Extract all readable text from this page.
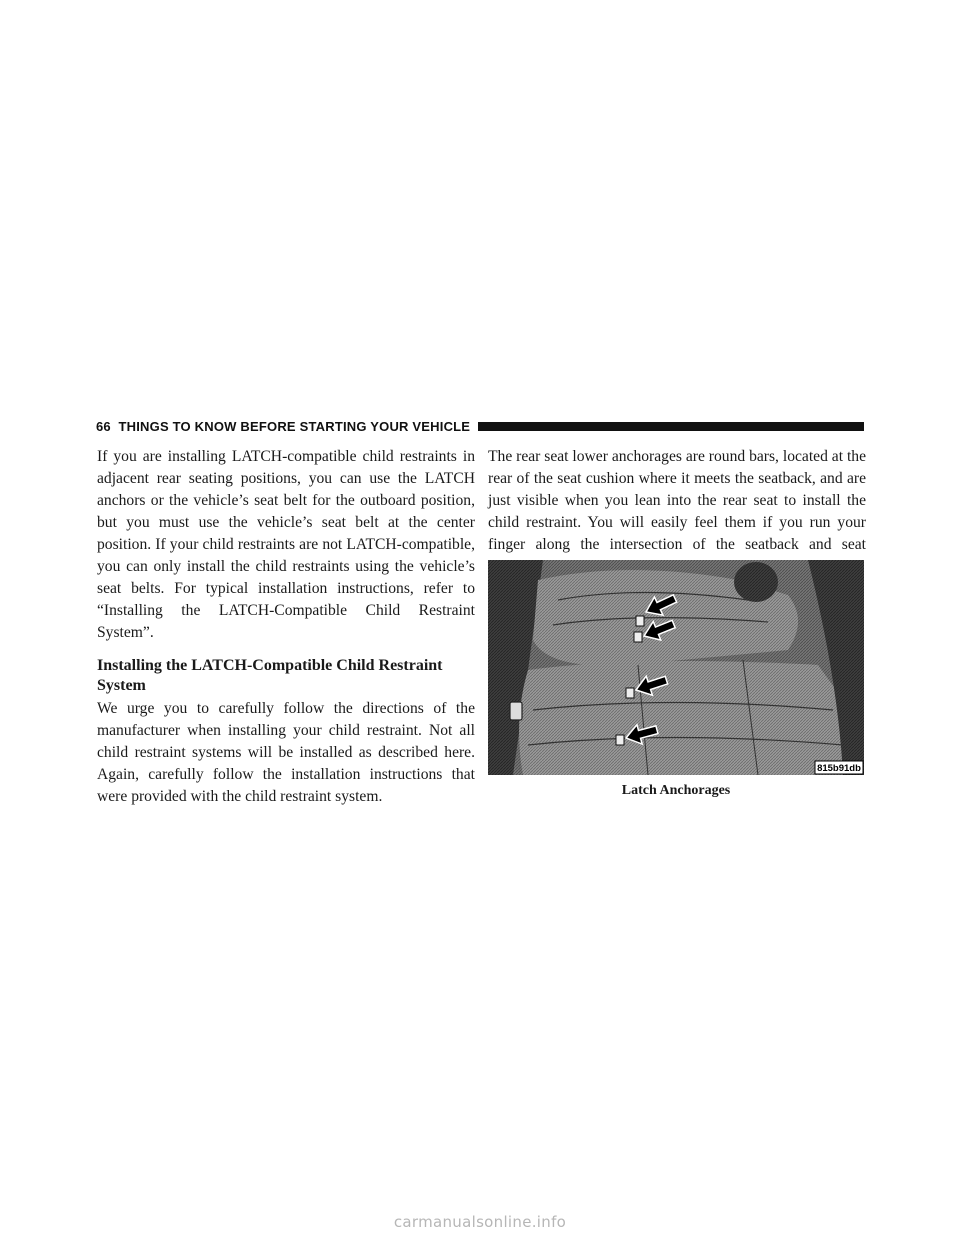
66 THINGS TO KNOW BEFORE STARTING YOUR VEHICLE

If you are installing LATCH-compatible child restraints in adjacent rear seating positions, you can use the LATCH anchors or the vehicle’s seat belt for the outboard position, but you must use the vehicle’s seat belt at the center position. If your child restraints are not LATCH-compatible, you can only install the child restraints using the vehicle’s seat belts. For typical installation instructions, refer to “Installing the LATCH-Compatible Child Restraint System”.

Installing the LATCH-Compatible Child Restraint System

We urge you to carefully follow the directions of the manufacturer when installing your child restraint. Not all child restraint systems will be installed as described here. Again, carefully follow the installation instructions that were provided with the child restraint system.

The rear seat lower anchorages are round bars, located at the rear of the seat cushion where it meets the seatback, and are just visible when you lean into the rear seat to install the child restraint. You will easily feel them if you run your finger along the intersection of the seatback and seat

815b91db
Latch Anchorages
carmanualsonline.info
